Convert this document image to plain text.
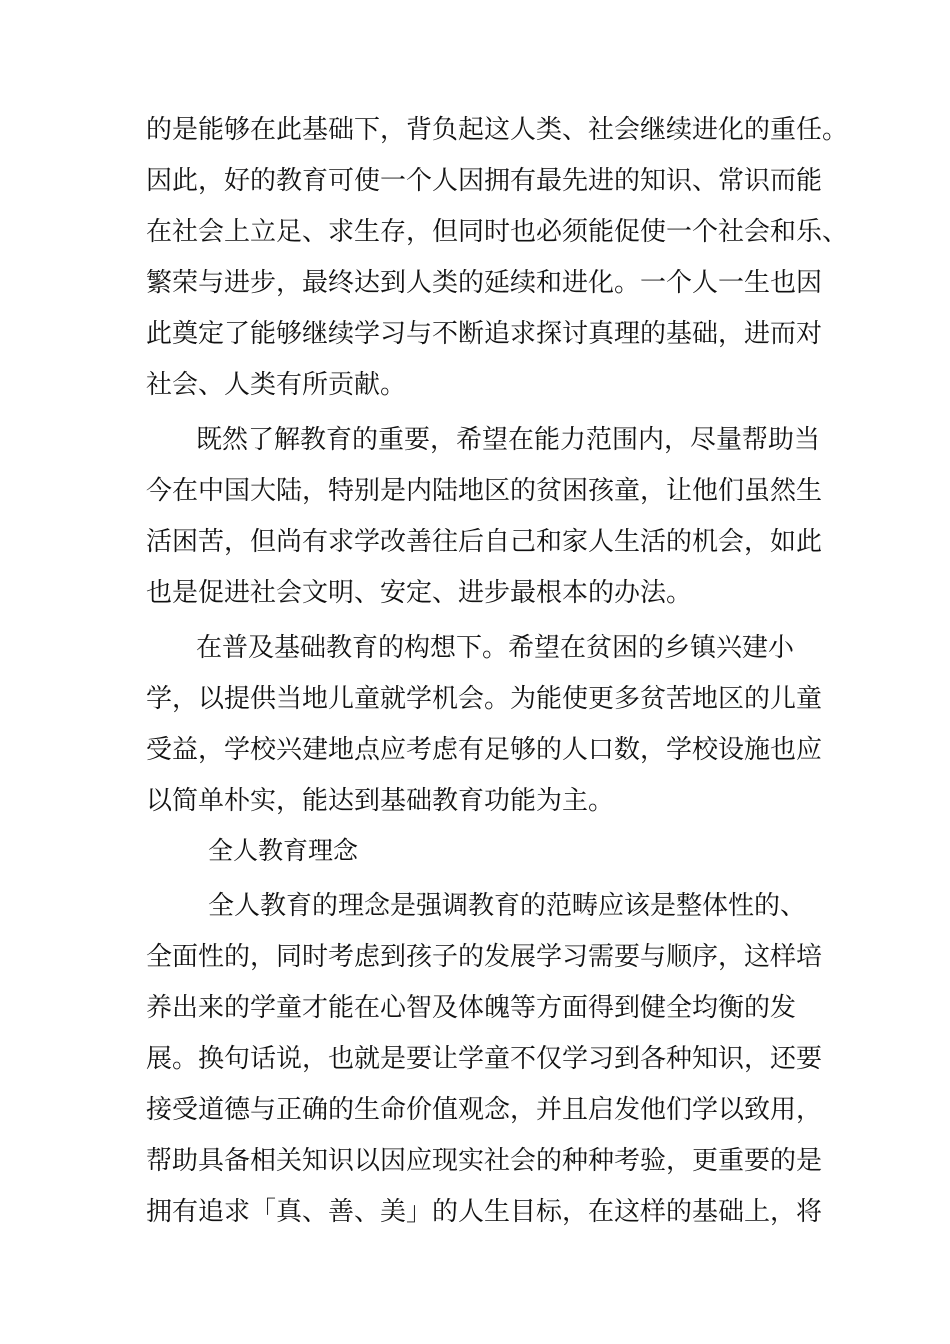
的是能够在此基础下，背负起这人类、社会继续进化的重任。
因此，好的教育可使一个人因拥有最先进的知识、常识而能
在社会上立足、求生存，但同时也必须能促使一个社会和乐、
繁荣与进步，最终达到人类的延续和进化。一个人一生也因
此奠定了能够继续学习与不断追求探讨真理的基础，进而对
社会、人类有所贡献。
既然了解教育的重要，希望在能力范围内，尽量帮助当
今在中国大陆，特别是内陆地区的贫困孩童，让他们虽然生
活困苦，但尚有求学改善往后自己和家人生活的机会，如此
也是促进社会文明、安定、进步最根本的办法。
在普及基础教育的构想下。希望在贫困的乡镇兴建小
学，以提供当地儿童就学机会。为能使更多贫苦地区的儿童
受益，学校兴建地点应考虑有足够的人口数，学校设施也应
以简单朴实，能达到基础教育功能为主。
全人教育理念
全人教育的理念是强调教育的范畴应该是整体性的、
全面性的，同时考虑到孩子的发展学习需要与顺序，这样培
养出来的学童才能在心智及体魄等方面得到健全均衡的发
展。换句话说，也就是要让学童不仅学习到各种知识，还要
接受道德与正确的生命价值观念，并且启发他们学以致用，
帮助具备相关知识以因应现实社会的种种考验，更重要的是
拥有追求「真、善、美」的人生目标，在这样的基础上，将
